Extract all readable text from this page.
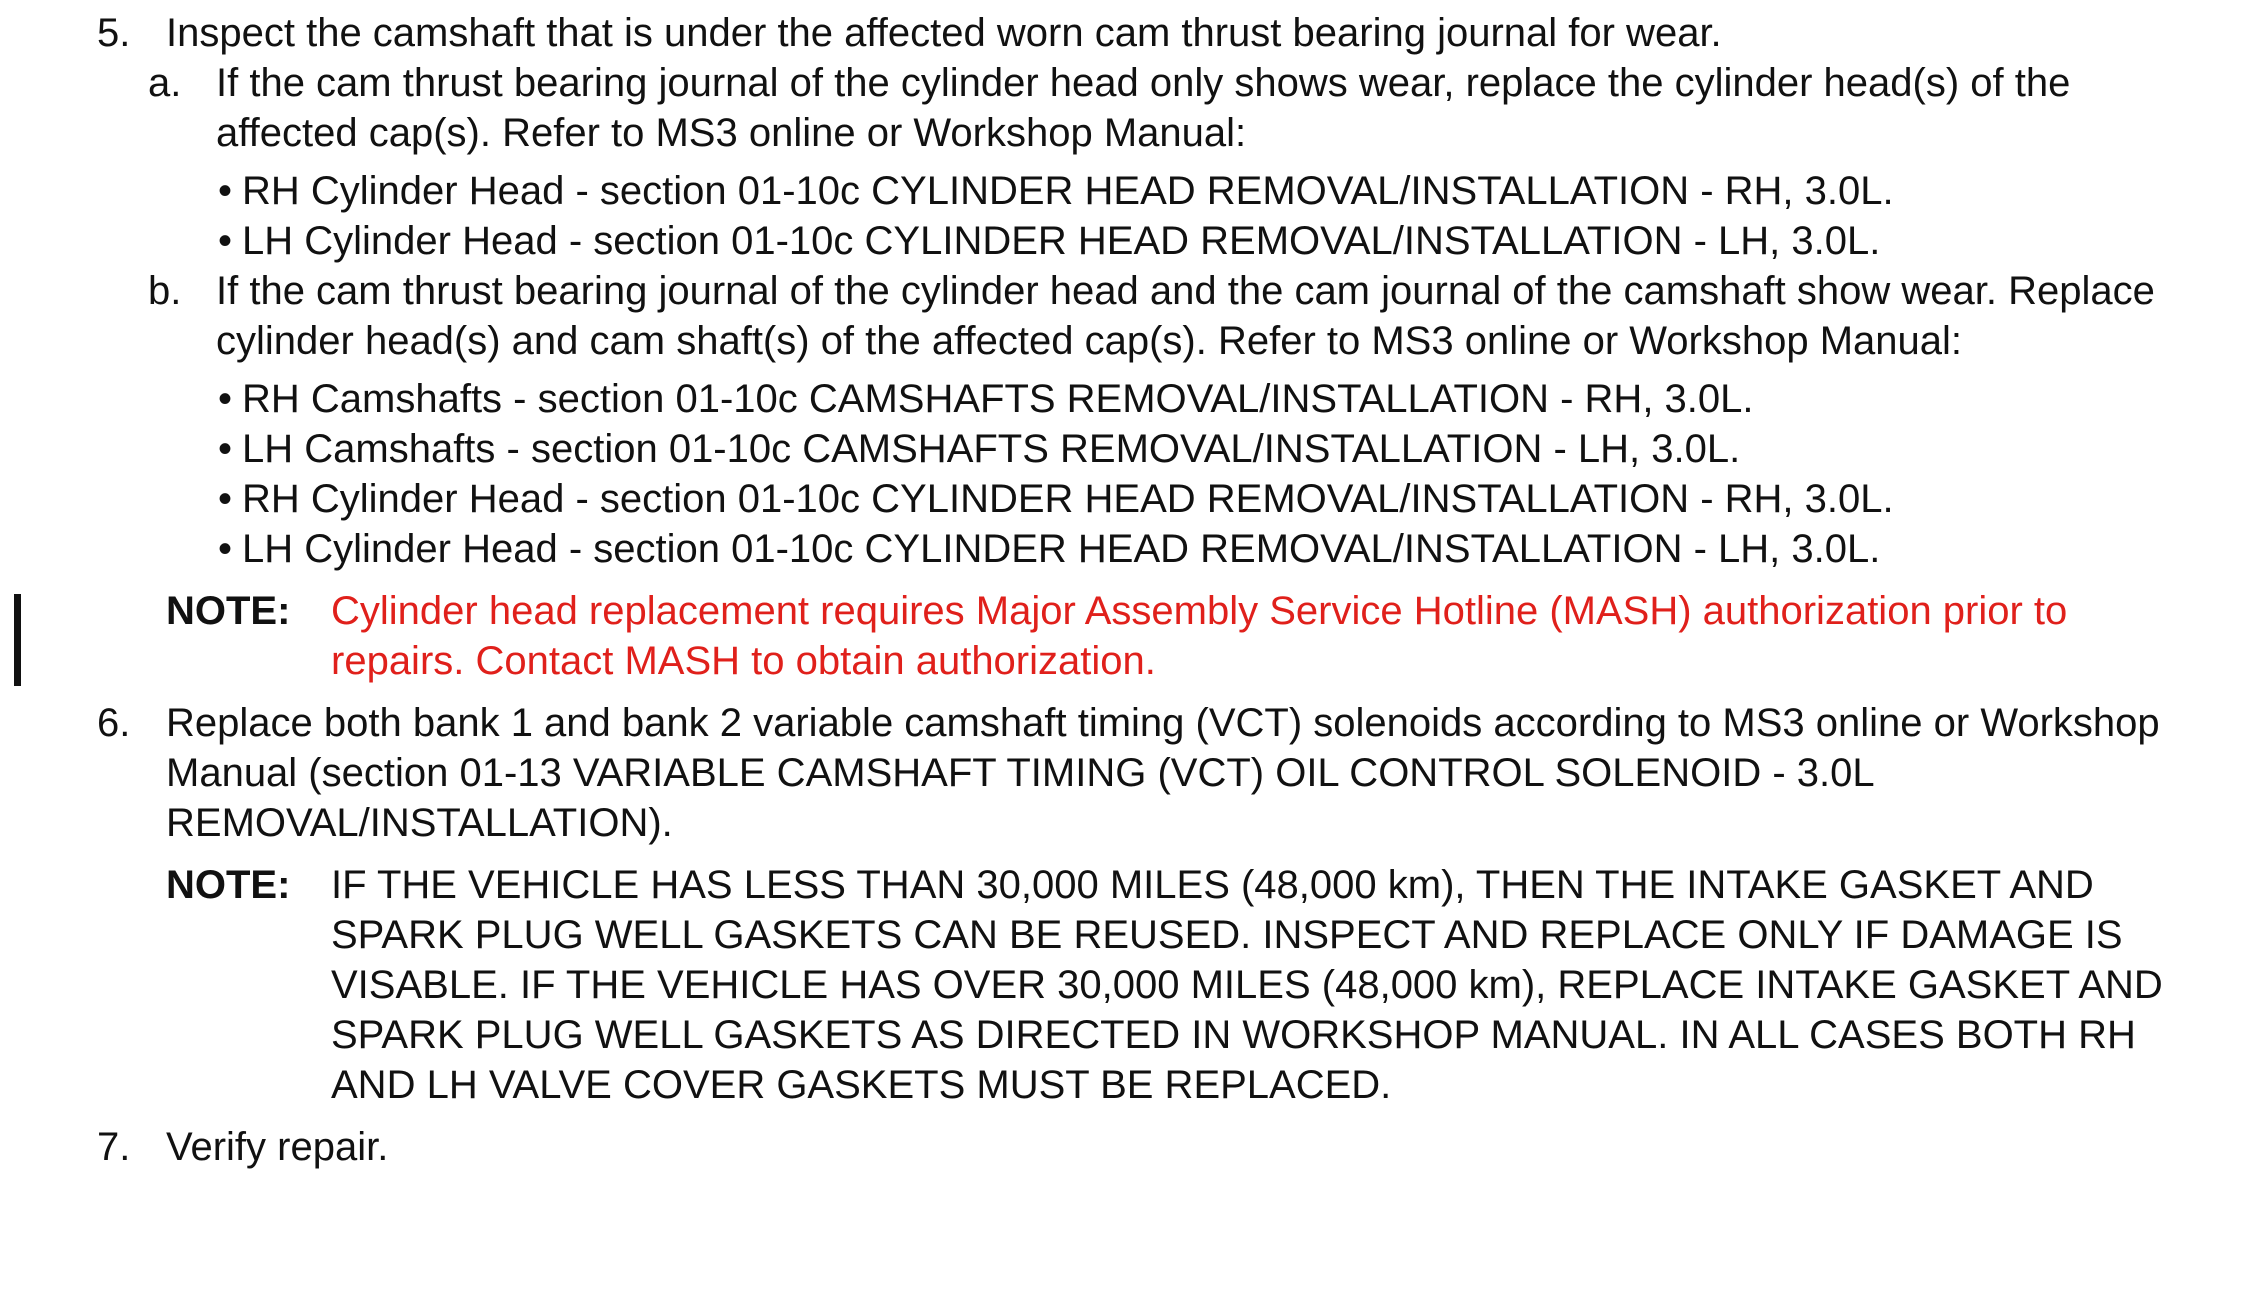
5. Inspect the camshaft that is under the affected worn cam thrust bearing journal for wear.
a. If the cam thrust bearing journal of the cylinder head only shows wear, replace the cylinder head(s) of the affected cap(s). Refer to MS3 online or Workshop Manual:
• RH Cylinder Head - section 01-10c CYLINDER HEAD REMOVAL/INSTALLATION - RH, 3.0L.
• LH Cylinder Head - section 01-10c CYLINDER HEAD REMOVAL/INSTALLATION - LH, 3.0L.
b. If the cam thrust bearing journal of the cylinder head and the cam journal of the camshaft show wear. Replace cylinder head(s) and cam shaft(s) of the affected cap(s). Refer to MS3 online or Workshop Manual:
• RH Camshafts - section 01-10c CAMSHAFTS REMOVAL/INSTALLATION - RH, 3.0L.
• LH Camshafts - section 01-10c CAMSHAFTS REMOVAL/INSTALLATION - LH, 3.0L.
• RH Cylinder Head - section 01-10c CYLINDER HEAD REMOVAL/INSTALLATION - RH, 3.0L.
• LH Cylinder Head - section 01-10c CYLINDER HEAD REMOVAL/INSTALLATION - LH, 3.0L.
NOTE: Cylinder head replacement requires Major Assembly Service Hotline (MASH) authorization prior to repairs. Contact MASH to obtain authorization.
6. Replace both bank 1 and bank 2 variable camshaft timing (VCT) solenoids according to MS3 online or Workshop Manual (section 01-13 VARIABLE CAMSHAFT TIMING (VCT) OIL CONTROL SOLENOID - 3.0L REMOVAL/INSTALLATION).
NOTE: IF THE VEHICLE HAS LESS THAN 30,000 MILES (48,000 km), THEN THE INTAKE GASKET AND SPARK PLUG WELL GASKETS CAN BE REUSED. INSPECT AND REPLACE ONLY IF DAMAGE IS VISABLE. IF THE VEHICLE HAS OVER 30,000 MILES (48,000 km), REPLACE INTAKE GASKET AND SPARK PLUG WELL GASKETS AS DIRECTED IN WORKSHOP MANUAL. IN ALL CASES BOTH RH AND LH VALVE COVER GASKETS MUST BE REPLACED.
7. Verify repair.
